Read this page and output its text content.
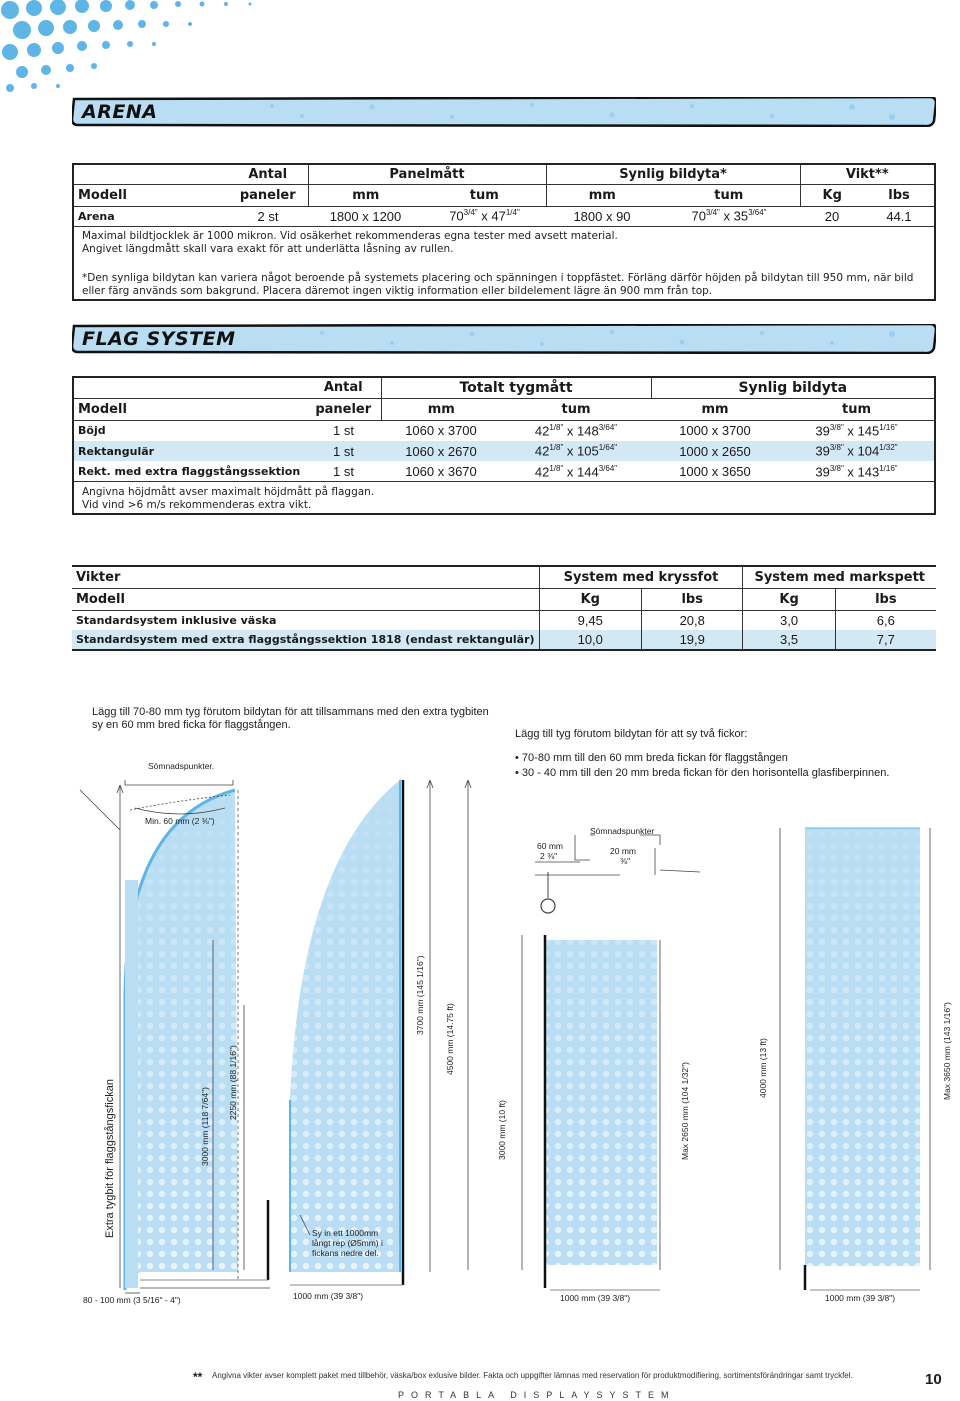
ARENA
	Antal	Panelmått		Synlig bildyta*		Vikt**	
Modell	paneler	mm	tum	mm	tum	Kg	lbs
Arena	2 st	1800 x 1200	$70^{3/4"}$ x $47^{1/4"}$	1800 x 90	$70^{3/4"}$ x $35^{3/64"}$	20	44.1
Maximal bildtjocklek är 1000 mikron. Vid osäkerhet rekommenderas egna tester med avsett material.
Angivet längdmått skall vara exakt för att underlätta låsning av rullen.
*Den synliga bildytan kan variera något beroende på systemets placering och spänningen i toppfästet. Förläng därför höjden på bildytan till 950 mm, när bild eller färg används som bakgrund. Placera däremot ingen viktig information eller bildelement lägre än 900 mm från top.
FLAG SYSTEM
	Antal	Totalt tygmått		Synlig bildyta	
Modell	paneler	mm	tum	mm	tum
Böjd	1 st	1060 x 3700	$42^{1/8"}$ x $148^{3/64"}$	1000 x 3700	$39^{3/8"}$ x $145^{1/16"}$
Rektangulär	1 st	1060 x 2670	$42^{1/8"}$ x $105^{1/64"}$	1000 x 2650	$39^{3/8"}$ x $104^{1/32"}$
Rekt. med extra flaggstångssektion	1 st	1060 x 3670	$42^{1/8"}$ x $144^{3/64"}$	1000 x 3650	$39^{3/8"}$ x $143^{1/16"}$
Angivna höjdmått avser maximalt höjdmått på flaggan.
Vid vind >6 m/s rekommenderas extra vikt.
Vikter	System med kryssfot		System med markspett	
Modell	Kg	lbs	Kg	lbs
Standardsystem inklusive väska	9,45	20,8	3,0	6,6
Standardsystem med extra flaggstångssektion 1818 (endast rektangulär)	10,0	19,9	3,5	7,7
Lägg till 70-80 mm tyg förutom bildytan för att tillsammans med den extra tygbiten sy en 60 mm bred ficka för flaggstången.
Lägg till tyg förutom bildytan för att sy två fickor:
• 70-80 mm till den 60 mm breda fickan för flaggstången
• 30 - 40 mm till den 20 mm breda fickan för den horisontella glasfiberpinnen.
Sömnadspunkter.
Min. 60 mm (2 ⅜")
Sömnadspunkter
60 mm
2 ⅜"	20 mm
⅜"
Extra tygbit för flaggstångsfickan	3000 mm (118 7/64")
2250 mm (88 1/16")
3700 mm (145 1/16")
4500 mm (14.75 ft)
3000 mm (10 ft)	Max 2650 mm (104 1/32")	4000 mm (13 ft)	Max 3650 mm (143 1/16")
Sy in ett 1000mm långt rep (Ø5mm) i fickans nedre del.
80 - 100 mm (3 5/16" - 4")	1000 mm (39 3/8")	1000 mm (39 3/8")	1000 mm (39 3/8")
** Angivna vikter avser komplett paket med tillbehör, väska/box exlusive bilder. Fakta och uppgifter lämnas med reservation för produktmodifiering, sortimentsförändringar samt tryckfel.
PORTABLA DISPLAYSYSTEM
10
